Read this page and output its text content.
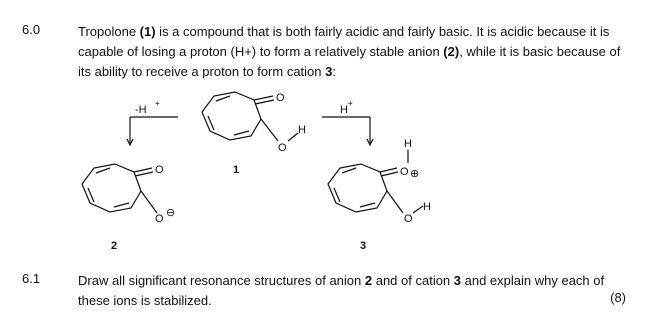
6.0	Tropolone (1) is a compound that is both fairly acidic and fairly basic. It is acidic because it is capable of losing a proton (H+) to form a relatively stable anion (2), while it is basic because of its ability to receive a proton to form cation 3:
-H
+
H
+
O
O
H
1
O
O ⊖
2
H
O ⊕
O
H
3
6.1	Draw all significant resonance structures of anion 2 and of cation 3 and explain why each of these ions is stabilized.	(8)
